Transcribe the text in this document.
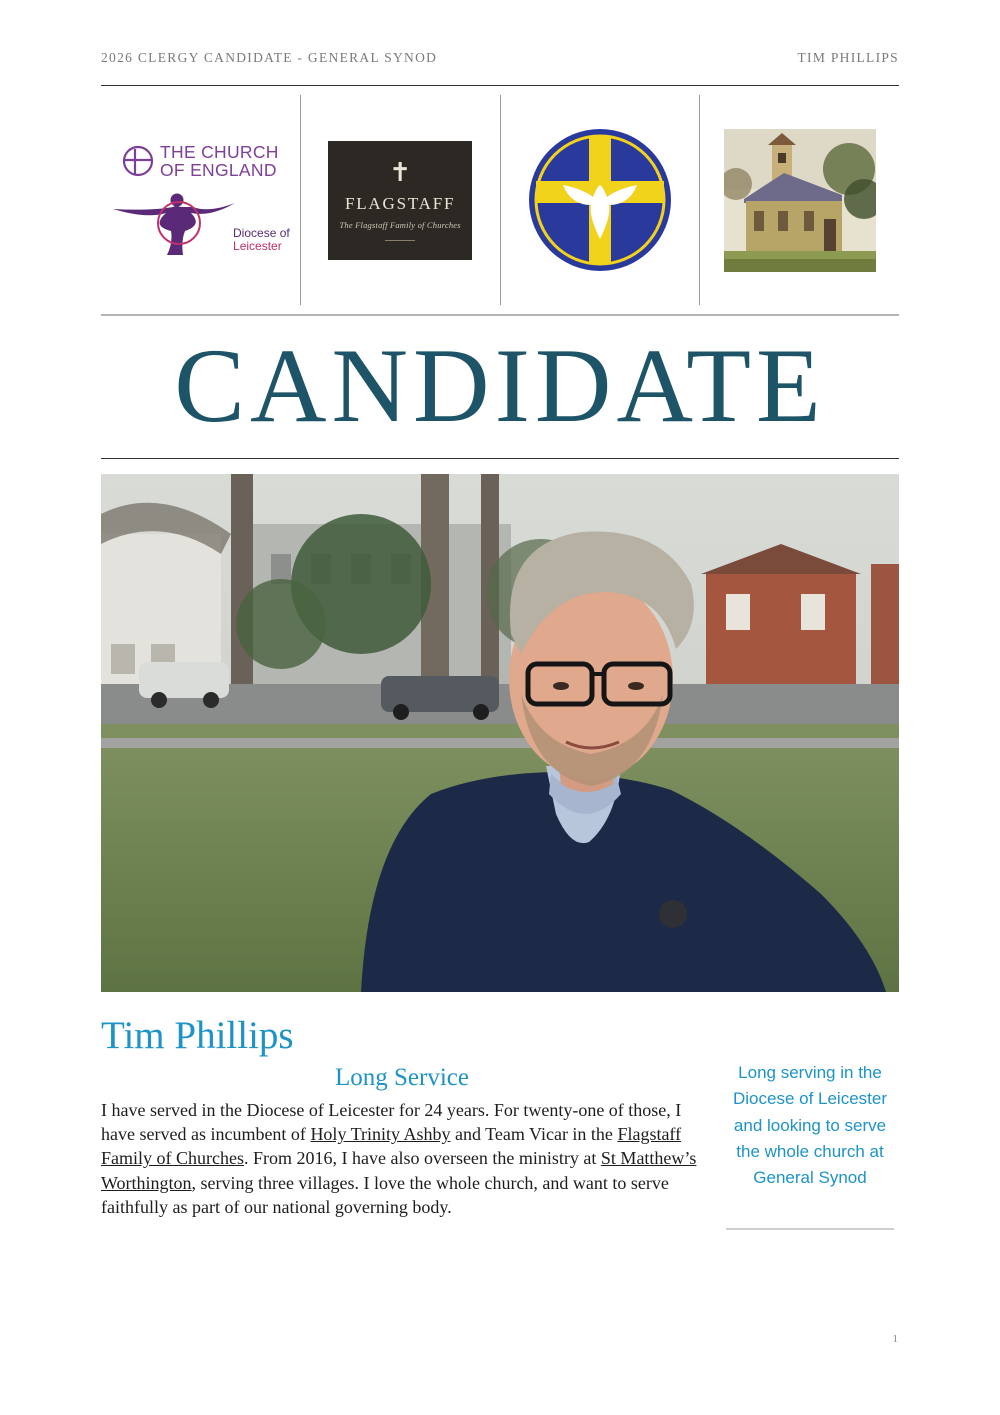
2026 CLERGY CANDIDATE - GENERAL SYNOD	TIM PHILLIPS
THE CHURCH
OF ENGLAND
Diocese of
Leicester
✝
FLAGSTAFF
The Flagstaff Family of Churches
CANDIDATE
Tim Phillips
Long Service
I have served in the Diocese of Leicester for 24 years. For twenty-one of those, I have served as incumbent of Holy Trinity Ashby and Team Vicar in the Flagstaff Family of Churches. From 2016, I have also overseen the ministry at St Matthew’s Worthington, serving three villages. I love the whole church, and want to serve faithfully as part of our national governing body.
Long serving in the Diocese of Leicester and looking to serve the whole church at General Synod
1
